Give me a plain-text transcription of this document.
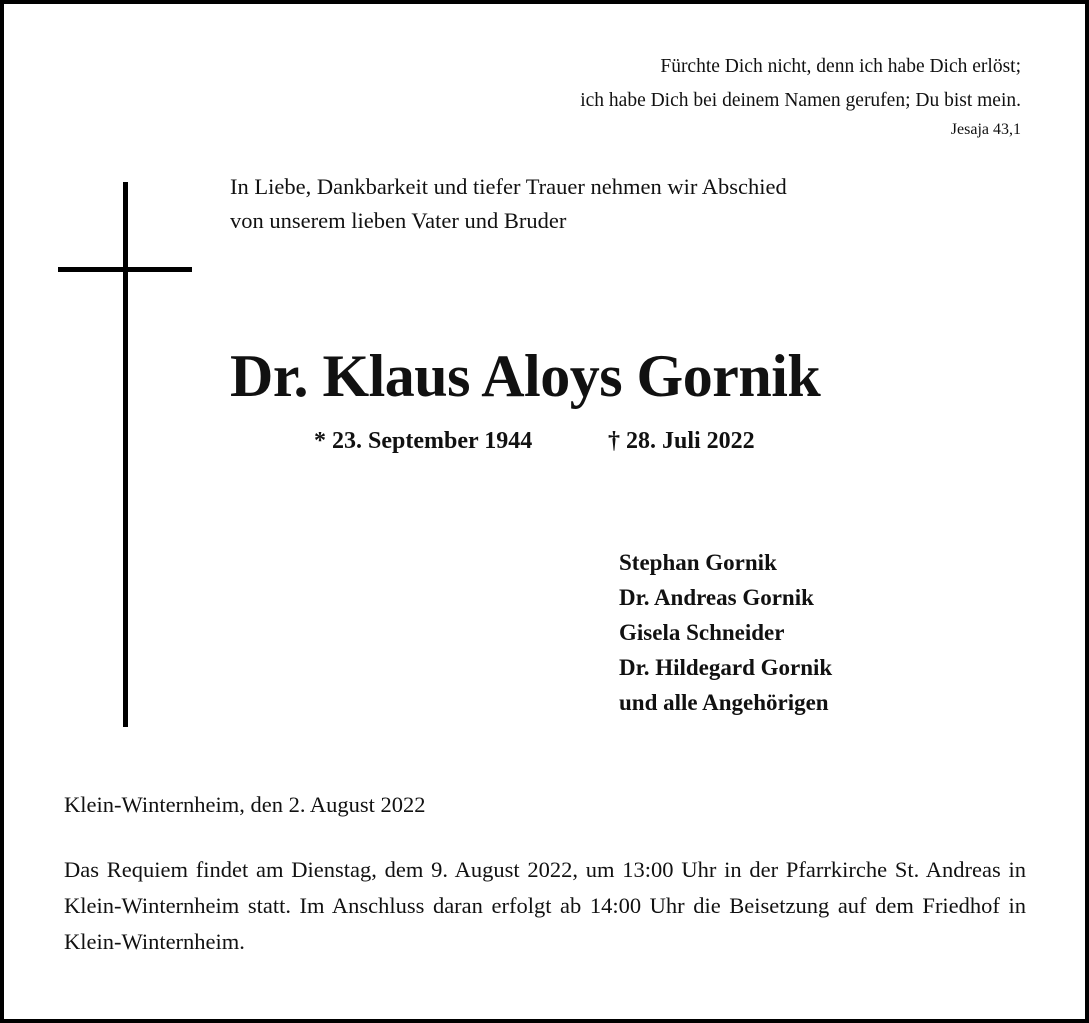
Fürchte Dich nicht, denn ich habe Dich erlöst;
ich habe Dich bei deinem Namen gerufen; Du bist mein.
Jesaja 43,1
In Liebe, Dankbarkeit und tiefer Trauer nehmen wir Abschied
von unserem lieben Vater und Bruder
Dr. Klaus Aloys Gornik
* 23. September 1944	† 28. Juli 2022
Stephan Gornik
Dr. Andreas Gornik
Gisela Schneider
Dr. Hildegard Gornik
und alle Angehörigen
Klein-Winternheim, den 2. August 2022
Das Requiem findet am Dienstag, dem 9. August 2022, um 13:00 Uhr in der Pfarrkirche St. Andreas in Klein-Winternheim statt. Im Anschluss daran erfolgt ab 14:00 Uhr die Beisetzung auf dem Friedhof in Klein-Winternheim.
